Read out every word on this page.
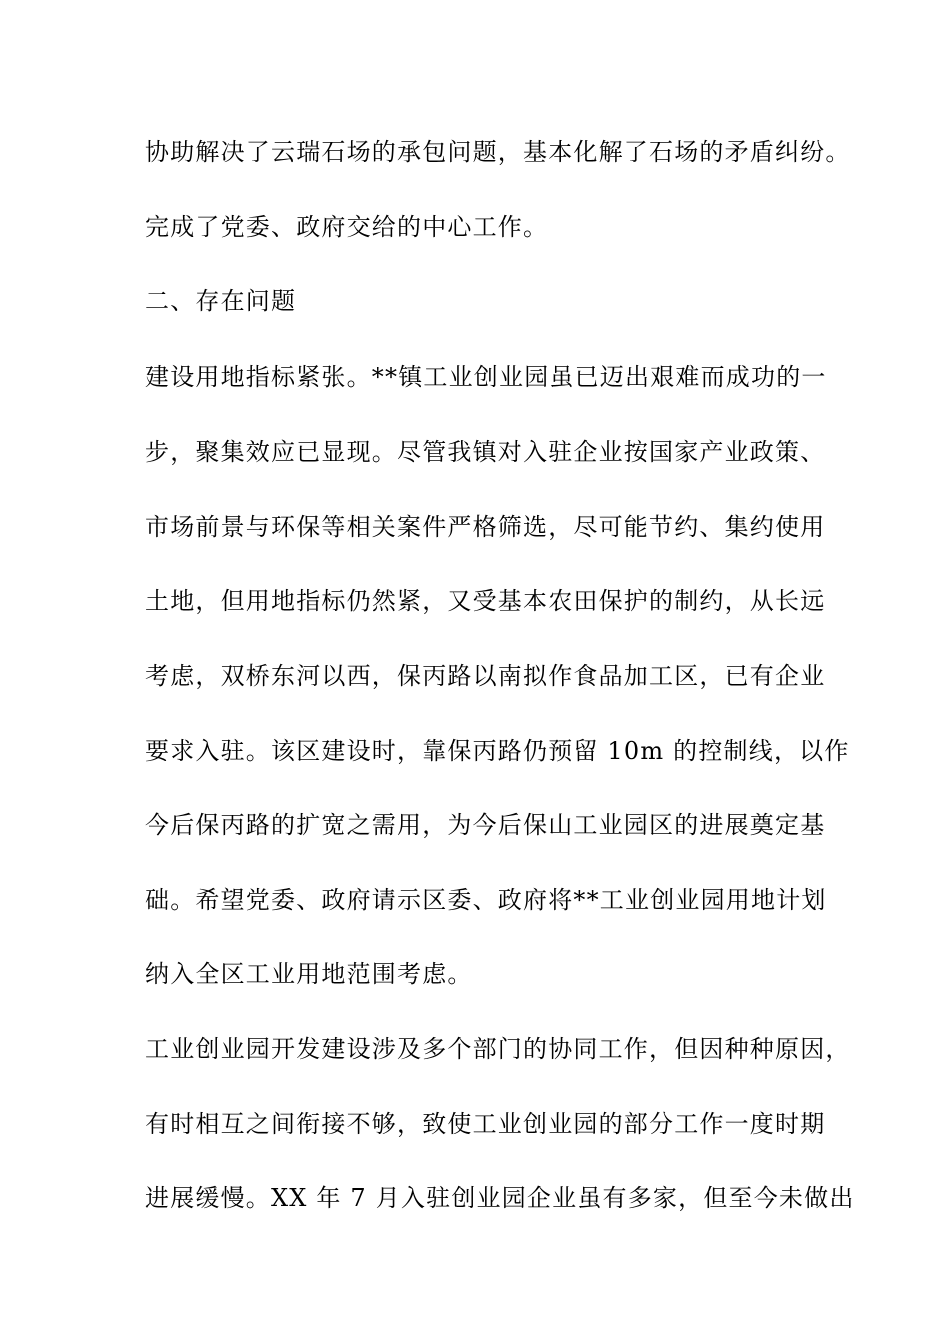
协助解决了云瑞石场的承包问题，基本化解了石场的矛盾纠纷。
完成了党委、政府交给的中心工作。
二、存在问题
建设用地指标紧张。**镇工业创业园虽已迈出艰难而成功的一
步，聚集效应已显现。尽管我镇对入驻企业按国家产业政策、
市场前景与环保等相关案件严格筛选，尽可能节约、集约使用
土地，但用地指标仍然紧，又受基本农田保护的制约，从长远
考虑，双桥东河以西，保丙路以南拟作食品加工区，已有企业
要求入驻。该区建设时，靠保丙路仍预留 10m 的控制线，以作
今后保丙路的扩宽之需用，为今后保山工业园区的进展奠定基
础。希望党委、政府请示区委、政府将**工业创业园用地计划
纳入全区工业用地范围考虑。
工业创业园开发建设涉及多个部门的协同工作，但因种种原因，
有时相互之间衔接不够，致使工业创业园的部分工作一度时期
进展缓慢。XX 年 7 月入驻创业园企业虽有多家，但至今未做出
